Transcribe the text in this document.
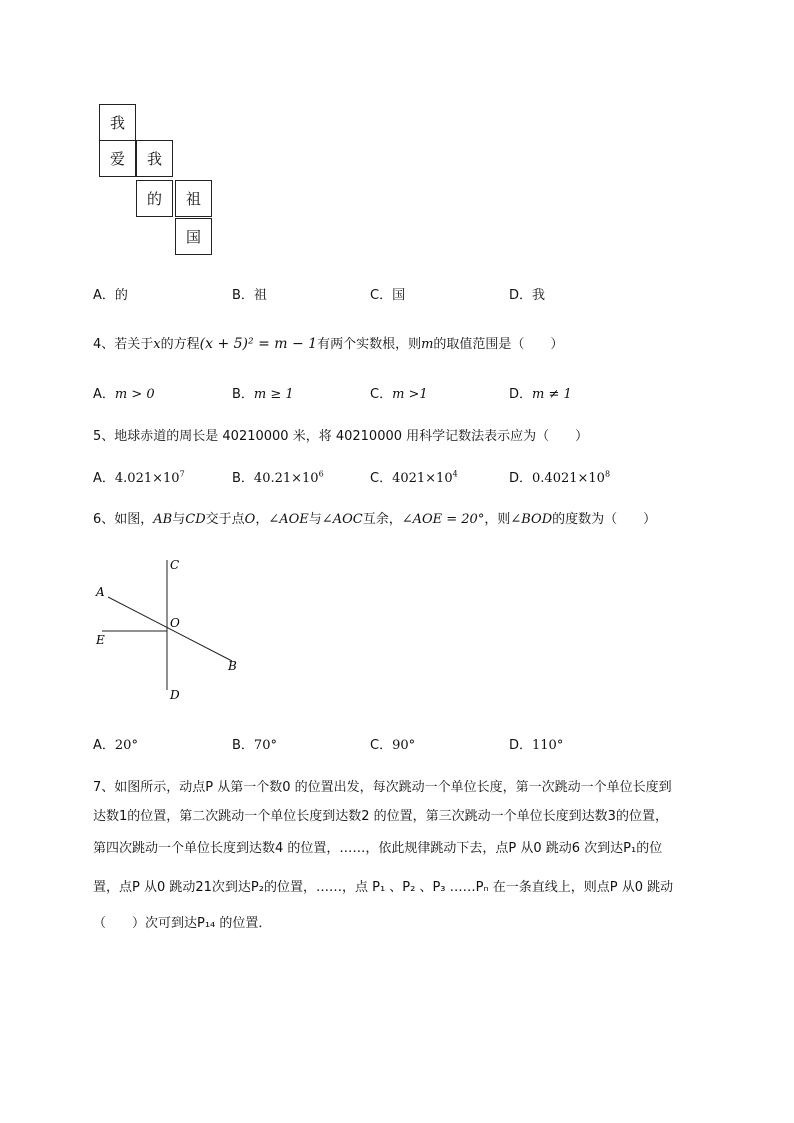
我
爱	我
的	祖
国
A．的	B．祖	C．国	D．我
4、若关于x的方程(x + 5)² = m − 1有两个实数根，则m的取值范围是（　　）
A．m > 0	B．m ≥ 1	C．m >1	D．m ≠ 1
5、地球赤道的周长是 40210000 米，将 40210000 用科学记数法表示应为（　　）
A．$4.021\times 10^7$	B．$40.21\times 10^6$	C．$4021\times 10^4$	D．$0.4021\times 10^8$
6、如图，AB与CD交于点O，∠AOE与∠AOC互余，∠AOE = 20°，则∠BOD的度数为（　　）
C
A
O
E
B
D
A．20°	B．70°	C．90°	D．110°
7、如图所示，动点P 从第一个数0 的位置出发，每次跳动一个单位长度，第一次跳动一个单位长度到
达数1的位置，第二次跳动一个单位长度到达数2 的位置，第三次跳动一个单位长度到达数3的位置，
第四次跳动一个单位长度到达数4 的位置，……，依此规律跳动下去，点P 从0 跳动6 次到达P₁的位
置，点P 从0 跳动21次到达P₂的位置，……，点 P₁ 、P₂ 、P₃ ……Pₙ 在一条直线上，则点P 从0 跳动
（　　）次可到达P₁₄ 的位置．
